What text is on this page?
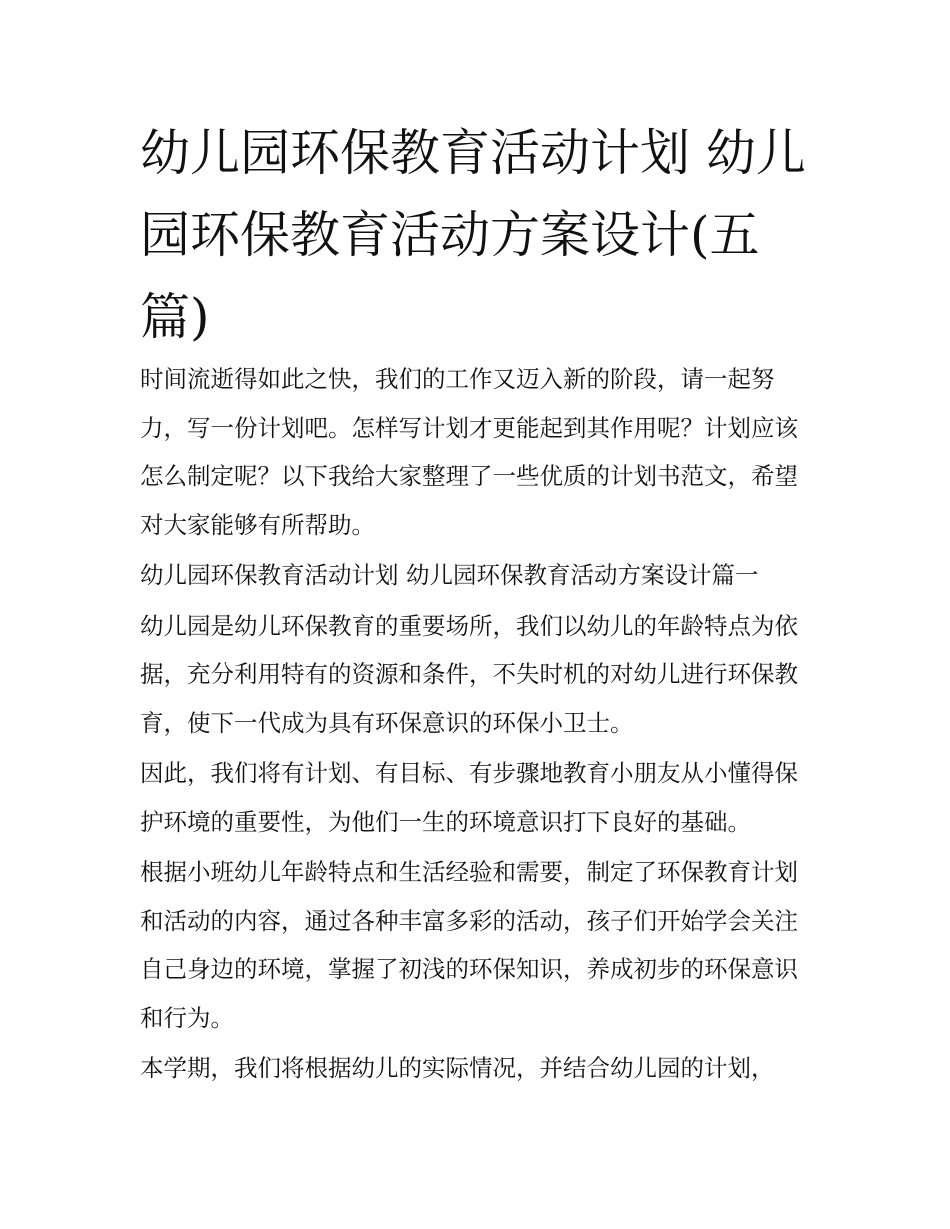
幼儿园环保教育活动计划 幼儿园环保教育活动方案设计(五篇)

时间流逝得如此之快，我们的工作又迈入新的阶段，请一起努力，写一份计划吧。怎样写计划才更能起到其作用呢？计划应该怎么制定呢？以下我给大家整理了一些优质的计划书范文，希望对大家能够有所帮助。

幼儿园环保教育活动计划 幼儿园环保教育活动方案设计篇一

幼儿园是幼儿环保教育的重要场所，我们以幼儿的年龄特点为依据，充分利用特有的资源和条件，不失时机的对幼儿进行环保教育，使下一代成为具有环保意识的环保小卫士。

因此，我们将有计划、有目标、有步骤地教育小朋友从小懂得保护环境的重要性，为他们一生的环境意识打下良好的基础。

根据小班幼儿年龄特点和生活经验和需要，制定了环保教育计划和活动的内容，通过各种丰富多彩的活动，孩子们开始学会关注自己身边的环境，掌握了初浅的环保知识，养成初步的环保意识和行为。

本学期，我们将根据幼儿的实际情况，并结合幼儿园的计划，
